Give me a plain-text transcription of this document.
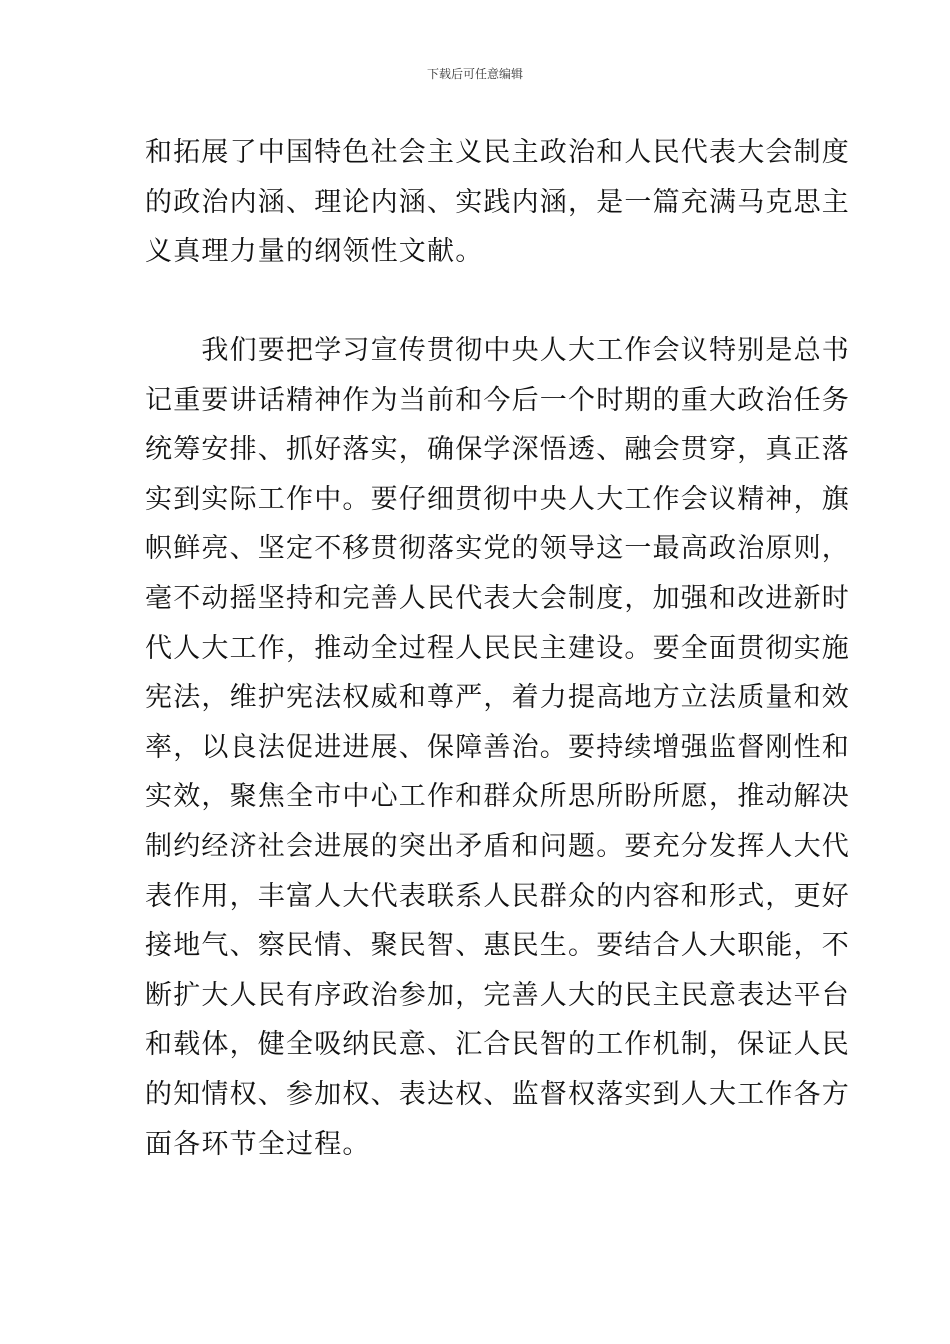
下载后可任意编辑
和拓展了中国特色社会主义民主政治和人民代表大会制度
的政治内涵、理论内涵、实践内涵，是一篇充满马克思主
义真理力量的纲领性文献。
　　我们要把学习宣传贯彻中央人大工作会议特别是总书
记重要讲话精神作为当前和今后一个时期的重大政治任务
统筹安排、抓好落实，确保学深悟透、融会贯穿，真正落
实到实际工作中。要仔细贯彻中央人大工作会议精神，旗
帜鲜亮、坚定不移贯彻落实党的领导这一最高政治原则，
毫不动摇坚持和完善人民代表大会制度，加强和改进新时
代人大工作，推动全过程人民民主建设。要全面贯彻实施
宪法，维护宪法权威和尊严，着力提高地方立法质量和效
率，以良法促进进展、保障善治。要持续增强监督刚性和
实效，聚焦全市中心工作和群众所思所盼所愿，推动解决
制约经济社会进展的突出矛盾和问题。要充分发挥人大代
表作用，丰富人大代表联系人民群众的内容和形式，更好
接地气、察民情、聚民智、惠民生。要结合人大职能，不
断扩大人民有序政治参加，完善人大的民主民意表达平台
和载体，健全吸纳民意、汇合民智的工作机制，保证人民
的知情权、参加权、表达权、监督权落实到人大工作各方
面各环节全过程。
